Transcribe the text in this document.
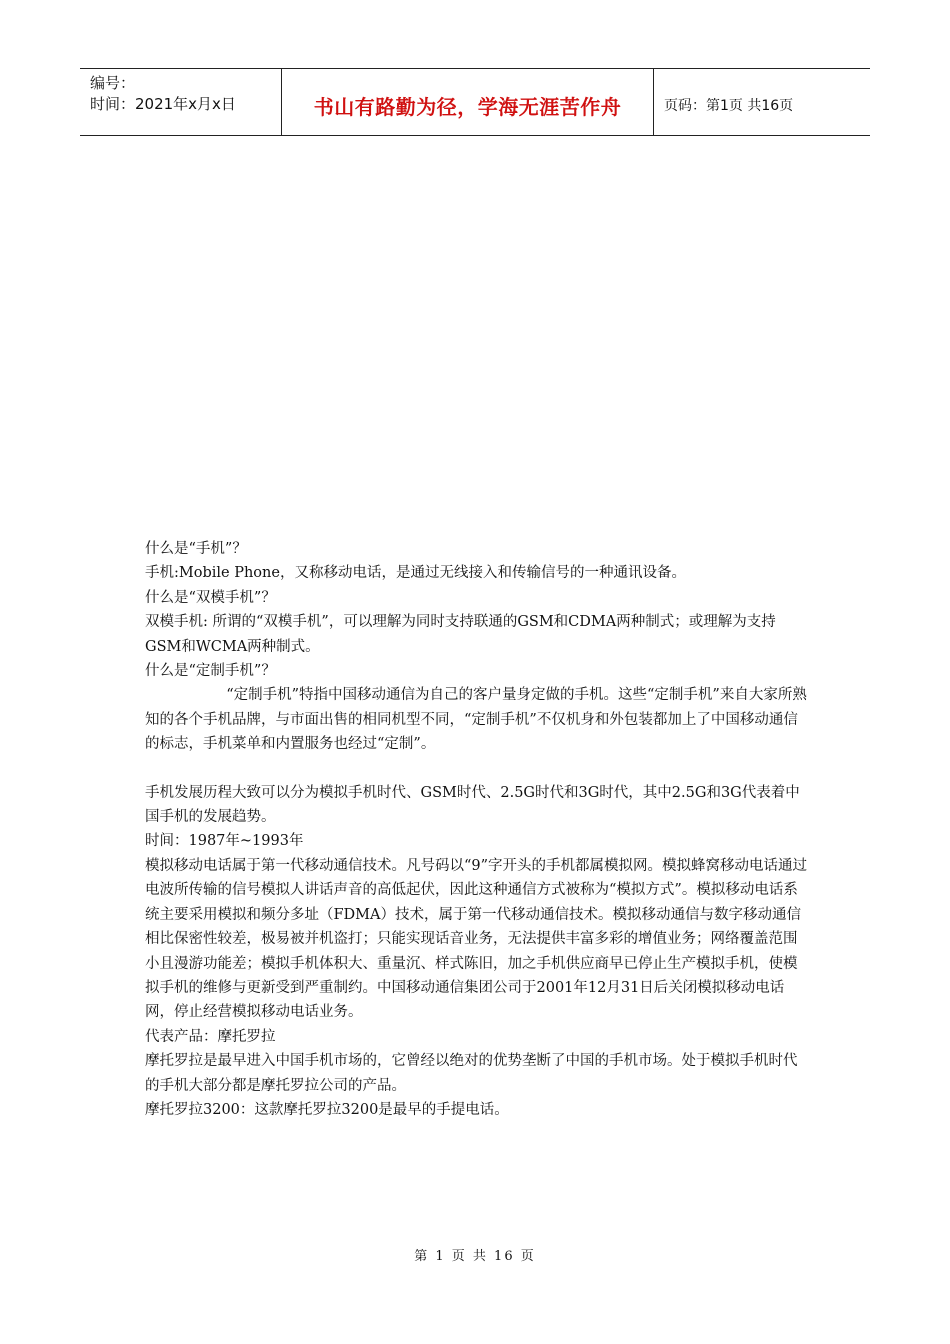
编号：
时间：2021年x月x日	书山有路勤为径，学海无涯苦作舟	页码：第1页 共16页

什么是“手机”？

手机:Mobile Phone，又称移动电话，是通过无线接入和传输信号的一种通讯设备。

什么是“双模手机”？

双模手机: 所谓的“双模手机”，可以理解为同时支持联通的GSM和CDMA两种制式；或理解为支持GSM和WCMA两种制式。

什么是“定制手机”？

“定制手机”特指中国移动通信为自己的客户量身定做的手机。这些“定制手机”来自大家所熟知的各个手机品牌，与市面出售的相同机型不同，“定制手机”不仅机身和外包装都加上了中国移动通信的标志，手机菜单和内置服务也经过“定制”。

手机发展历程大致可以分为模拟手机时代、GSM时代、2.5G时代和3G时代，其中2.5G和3G代表着中国手机的发展趋势。

时间：1987年~1993年

模拟移动电话属于第一代移动通信技术。凡号码以“9”字开头的手机都属模拟网。模拟蜂窝移动电话通过电波所传输的信号模拟人讲话声音的高低起伏，因此这种通信方式被称为“模拟方式”。模拟移动电话系统主要采用模拟和频分多址（FDMA）技术，属于第一代移动通信技术。模拟移动通信与数字移动通信相比保密性较差，极易被并机盗打；只能实现话音业务，无法提供丰富多彩的增值业务；网络覆盖范围小且漫游功能差；模拟手机体积大、重量沉、样式陈旧，加之手机供应商早已停止生产模拟手机，使模拟手机的维修与更新受到严重制约。中国移动通信集团公司于2001年12月31日后关闭模拟移动电话网，停止经营模拟移动电话业务。

代表产品：摩托罗拉

摩托罗拉是最早进入中国手机市场的，它曾经以绝对的优势垄断了中国的手机市场。处于模拟手机时代的手机大部分都是摩托罗拉公司的产品。

摩托罗拉3200：这款摩托罗拉3200是最早的手提电话。

第 1 页 共 16 页
